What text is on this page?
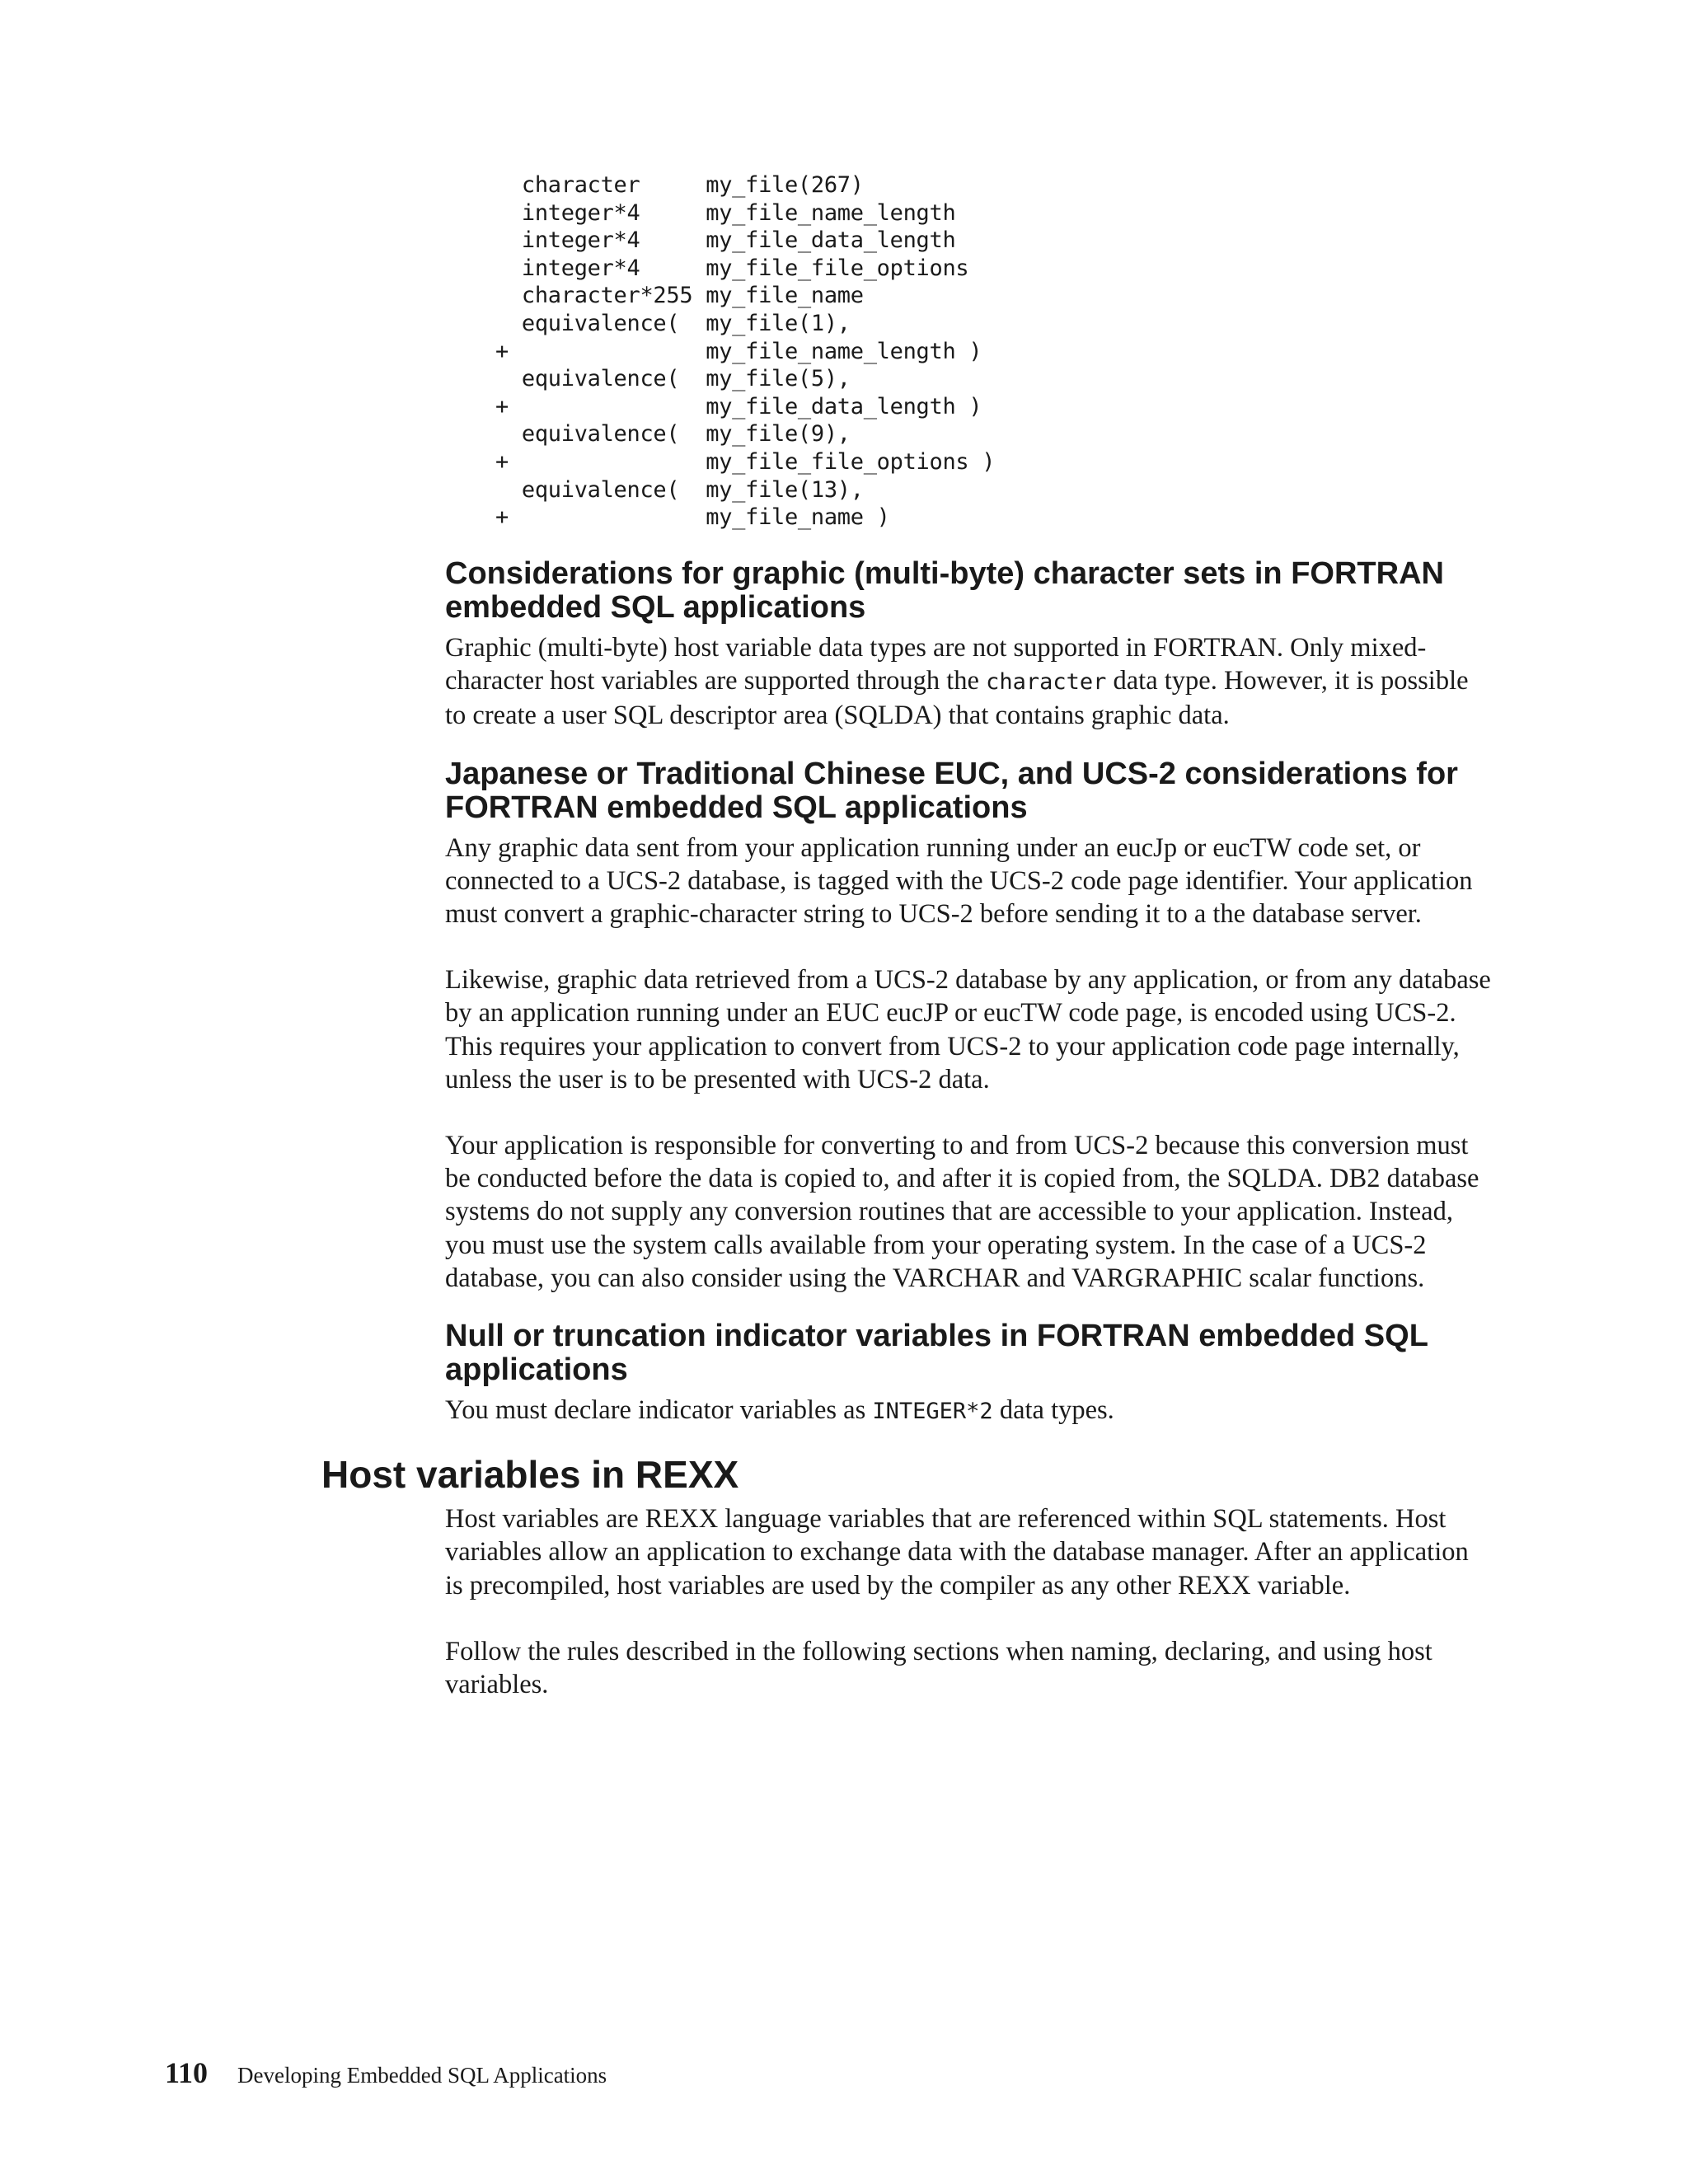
character     my_file(267)
integer*4     my_file_name_length
integer*4     my_file_data_length
integer*4     my_file_file_options
character*255 my_file_name
equivalence(  my_file(1),
+               my_file_name_length )
equivalence(  my_file(5),
+               my_file_data_length )
equivalence(  my_file(9),
+               my_file_file_options )
equivalence(  my_file(13),
+               my_file_name )
Considerations for graphic (multi-byte) character sets in FORTRAN embedded SQL applications

Graphic (multi-byte) host variable data types are not supported in FORTRAN. Only mixed-character host variables are supported through the character data type. However, it is possible to create a user SQL descriptor area (SQLDA) that contains graphic data.

Japanese or Traditional Chinese EUC, and UCS-2 considerations for FORTRAN embedded SQL applications

Any graphic data sent from your application running under an eucJp or eucTW code set, or connected to a UCS-2 database, is tagged with the UCS-2 code page identifier. Your application must convert a graphic-character string to UCS-2 before sending it to a the database server.

Likewise, graphic data retrieved from a UCS-2 database by any application, or from any database by an application running under an EUC eucJP or eucTW code page, is encoded using UCS-2. This requires your application to convert from UCS-2 to your application code page internally, unless the user is to be presented with UCS-2 data.

Your application is responsible for converting to and from UCS-2 because this conversion must be conducted before the data is copied to, and after it is copied from, the SQLDA. DB2 database systems do not supply any conversion routines that are accessible to your application. Instead, you must use the system calls available from your operating system. In the case of a UCS-2 database, you can also consider using the VARCHAR and VARGRAPHIC scalar functions.

Null or truncation indicator variables in FORTRAN embedded SQL applications

You must declare indicator variables as INTEGER*2 data types.

Host variables in REXX

Host variables are REXX language variables that are referenced within SQL statements. Host variables allow an application to exchange data with the database manager. After an application is precompiled, host variables are used by the compiler as any other REXX variable.

Follow the rules described in the following sections when naming, declaring, and using host variables.

110 Developing Embedded SQL Applications
